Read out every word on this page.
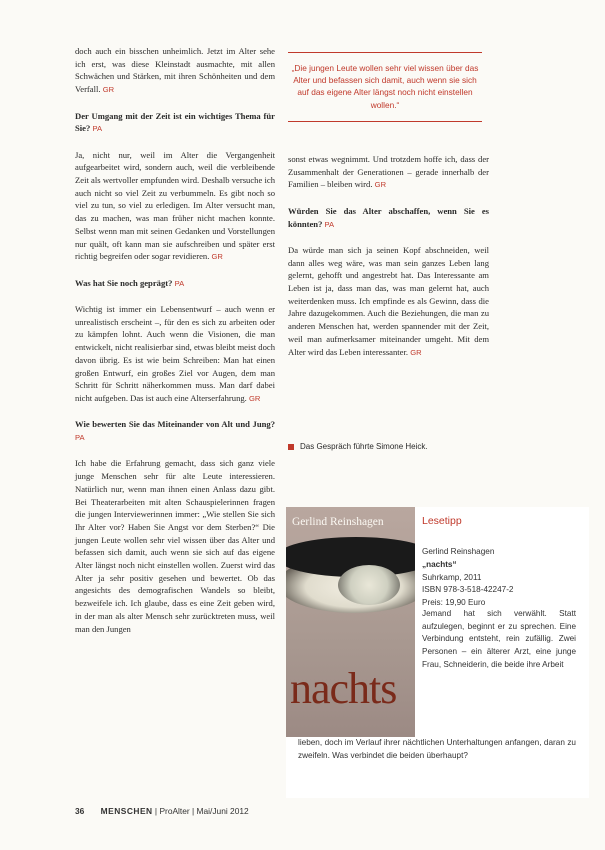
doch auch ein bisschen unheimlich. Jetzt im Alter sehe ich erst, was diese Kleinstadt ausmachte, mit allen Schwächen und Stärken, mit ihren Schönheiten und dem Verfall. GR

Der Umgang mit der Zeit ist ein wichtiges Thema für Sie? PA

Ja, nicht nur, weil im Alter die Vergangenheit aufgearbeitet wird, sondern auch, weil die verbleibende Zeit als wertvoller empfunden wird. Deshalb versuche ich auch nicht so viel Zeit zu verbummeln. Es gibt noch so viel zu tun, so viel zu erledigen. Im Alter versucht man, das zu machen, was man früher nicht machen konnte. Selbst wenn man mit seinen Gedanken und Vorstellungen nur quält, oft kann man sie aufschreiben und später erst richtig begreifen oder sogar revidieren. GR

Was hat Sie noch geprägt? PA

Wichtig ist immer ein Lebensentwurf – auch wenn er unrealistisch erscheint –, für den es sich zu arbeiten oder zu kämpfen lohnt. Auch wenn die Visionen, die man entwickelt, nicht realisierbar sind, etwas bleibt meist doch davon übrig. Es ist wie beim Schreiben: Man hat einen großen Entwurf, ein großes Ziel vor Augen, dem man Schritt für Schritt näherkommen muss. Man darf dabei nicht aufgeben. Das ist auch eine Alterserfahrung. GR

Wie bewerten Sie das Miteinander von Alt und Jung? PA

Ich habe die Erfahrung gemacht, dass sich ganz viele junge Menschen sehr für alte Leute interessieren. Natürlich nur, wenn man ihnen einen Anlass dazu gibt. Bei Theaterarbeiten mit alten Schauspielerinnen fragen die jungen Interviewerinnen immer: „Wie stellen Sie sich Ihr Alter vor? Haben Sie Angst vor dem Sterben?“ Die jungen Leute wollen sehr viel wissen über das Alter und befassen sich damit, auch wenn sie sich auf das eigene Alter längst noch nicht einstellen wollen. Zuerst wird das Alter ja sehr positiv gesehen und bewertet. Ob das angesichts des demografischen Wandels so bleibt, bezweifele ich. Ich glaube, dass es eine Zeit geben wird, in der man als alter Mensch sehr zurücktreten muss, weil man den Jungen

„Die jungen Leute wollen sehr viel wissen über das Alter und befassen sich damit, auch wenn sie sich auf das eigene Alter längst noch nicht einstellen wollen.“

sonst etwas wegnimmt. Und trotzdem hoffe ich, dass der Zusammenhalt der Generationen – gerade innerhalb der Familien – bleiben wird. GR

Würden Sie das Alter abschaffen, wenn Sie es könnten? PA

Da würde man sich ja seinen Kopf abschneiden, weil dann alles weg wäre, was man sein ganzes Leben lang gelernt, gehofft und angestrebt hat. Das Interessante am Leben ist ja, dass man das, was man gelernt hat, auch weiterdenken muss. Ich empfinde es als Gewinn, dass die Jahre dazugekommen. Auch die Beziehungen, die man zu anderen Menschen hat, werden spannender mit der Zeit, weil man aufmerksamer miteinander umgeht. Mit dem Alter wird das Leben interessanter. GR

Das Gespräch führte Simone Heick.
Gerlind Reinshagen
nachts
Lesetipp
Gerlind Reinshagen
„nachts“
Suhrkamp, 2011
ISBN 978-3-518-42247-2
Preis: 19,90 Euro
Jemand hat sich verwählt. Statt aufzulegen, beginnt er zu sprechen. Eine Verbindung entsteht, rein zufällig. Zwei Personen – ein älterer Arzt, eine junge Frau, Schneiderin, die beide ihre Arbeit
lieben, doch im Verlauf ihrer nächtlichen Unterhaltungen anfangen, daran zu zweifeln. Was verbindet die beiden überhaupt?
36 MENSCHEN | ProAlter | Mai/Juni 2012
